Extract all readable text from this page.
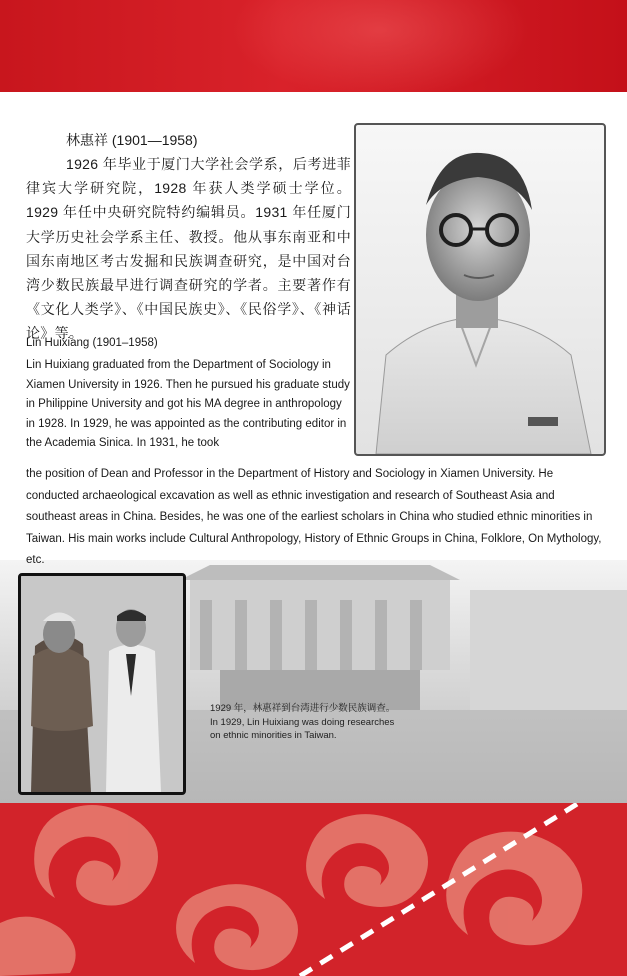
林惠祥 (1901—1958)
1926 年毕业于厦门大学社会学系，后考进菲律宾大学研究院，1928 年获人类学硕士学位。1929 年任中央研究院特约编辑员。1931 年任厦门大学历史社会学系主任、教授。他从事东南亚和中国东南地区考古发掘和民族调查研究，是中国对台湾少数民族最早进行调查研究的学者。主要著作有《文化人类学》、《中国民族史》、《民俗学》、《神话论》等。
Lin Huixiang (1901–1958)
Lin Huixiang graduated from the Department of Sociology in Xiamen University in 1926. Then he pursued his graduate study in Philippine University and got his MA degree in anthropology in 1928. In 1929, he was appointed as the contributing editor in the Academia Sinica. In 1931, he took
the position of Dean and Professor in the Department of History and Sociology in Xiamen University. He conducted archaeological excavation as well as ethnic investigation and research of Southeast Asia and southeast areas in China. Besides, he was one of the earliest scholars in China who studied ethnic minorities in Taiwan. His main works include Cultural Anthropology, History of Ethnic Groups in China, Folklore, On Mythology, etc.
1929 年，林惠祥到台湾进行少数民族调查。
In 1929, Lin Huixiang was doing researches
on ethnic minorities in Taiwan.
